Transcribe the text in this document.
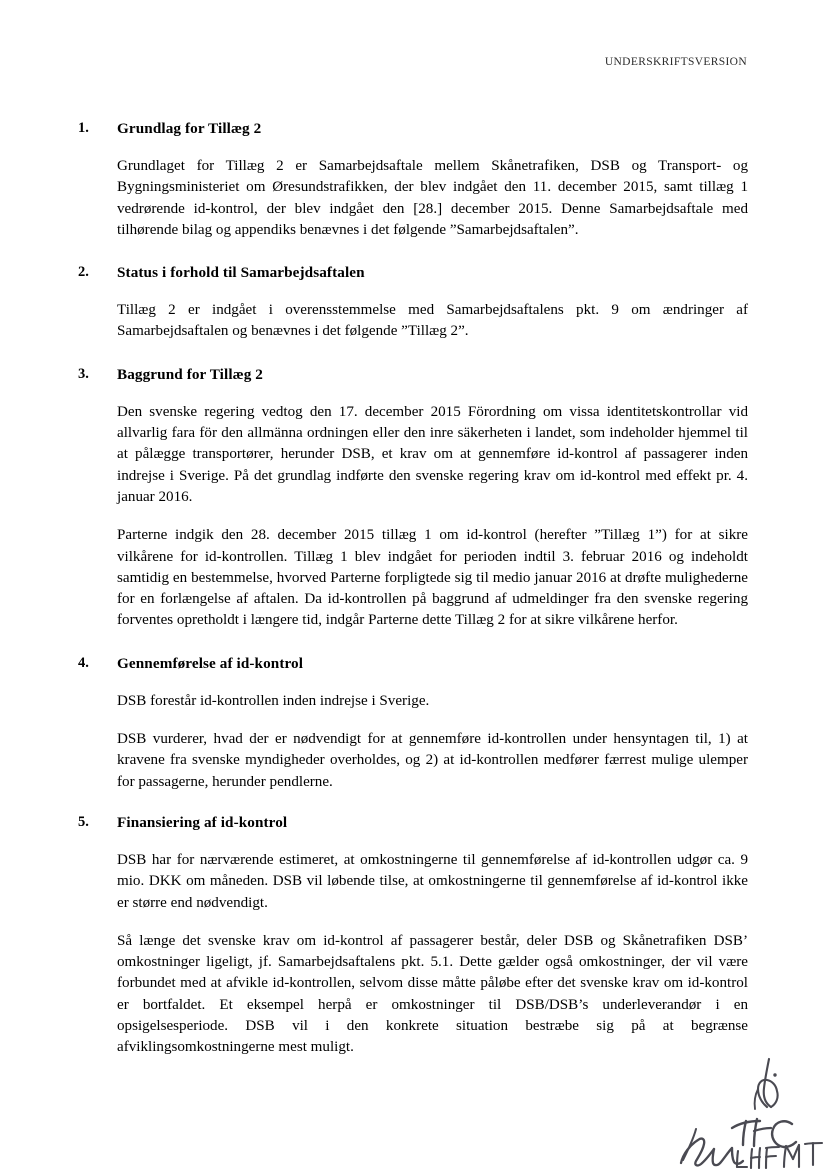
UNDERSKRIFTSVERSION
1.	Grundlag for Tillæg 2

Grundlaget for Tillæg 2 er Samarbejdsaftale mellem Skånetrafiken, DSB og Transport- og Bygningsministeriet om Øresundstrafikken, der blev indgået den 11. december 2015, samt tillæg 1 vedrørende id-kontrol, der blev indgået den [28.] december 2015. Denne Samarbejdsaftale med tilhørende bilag og appendiks benævnes i det følgende ”Samarbejdsaftalen”.

2.	Status i forhold til Samarbejdsaftalen

Tillæg 2 er indgået i overensstemmelse med Samarbejdsaftalens pkt. 9 om ændringer af Samarbejdsaftalen og benævnes i det følgende ”Tillæg 2”.

3.	Baggrund for Tillæg 2

Den svenske regering vedtog den 17. december 2015 Förordning om vissa identitetskontrollar vid allvarlig fara för den allmänna ordningen eller den inre säkerheten i landet, som indeholder hjemmel til at pålægge transportører, herunder DSB, et krav om at gennemføre id-kontrol af passagerer inden indrejse i Sverige. På det grundlag indførte den svenske regering krav om id-kontrol med effekt pr. 4. januar 2016.

Parterne indgik den 28. december 2015 tillæg 1 om id-kontrol (herefter ”Tillæg 1”) for at sikre vilkårene for id-kontrollen. Tillæg 1 blev indgået for perioden indtil 3. februar 2016 og indeholdt samtidig en bestemmelse, hvorved Parterne forpligtede sig til medio januar 2016 at drøfte mulighederne for en forlængelse af aftalen. Da id-kontrollen på baggrund af udmeldinger fra den svenske regering forventes opretholdt i længere tid, indgår Parterne dette Tillæg 2 for at sikre vilkårene herfor.

4.	Gennemførelse af id-kontrol

DSB forestår id-kontrollen inden indrejse i Sverige.

DSB vurderer, hvad der er nødvendigt for at gennemføre id-kontrollen under hensyntagen til, 1) at kravene fra svenske myndigheder overholdes, og 2) at id-kontrollen medfører færrest mulige ulemper for passagerne, herunder pendlerne.

5.	Finansiering af id-kontrol

DSB har for nærværende estimeret, at omkostningerne til gennemførelse af id-kontrollen udgør ca. 9 mio. DKK om måneden. DSB vil løbende tilse, at omkostningerne til gennemførelse af id-kontrol ikke er større end nødvendigt.

Så længe det svenske krav om id-kontrol af passagerer består, deler DSB og Skånetrafiken DSB’ omkostninger ligeligt, jf. Samarbejdsaftalens pkt. 5.1. Dette gælder også omkostninger, der vil være forbundet med at afvikle id-kontrollen, selvom disse måtte påløbe efter det svenske krav om id-kontrol er bortfaldet. Et eksempel herpå er omkostninger til DSB/DSB’s underleverandør i en opsigelsesperiode. DSB vil i den konkrete situation bestræbe sig på at begrænse afviklingsomkostningerne mest muligt.
